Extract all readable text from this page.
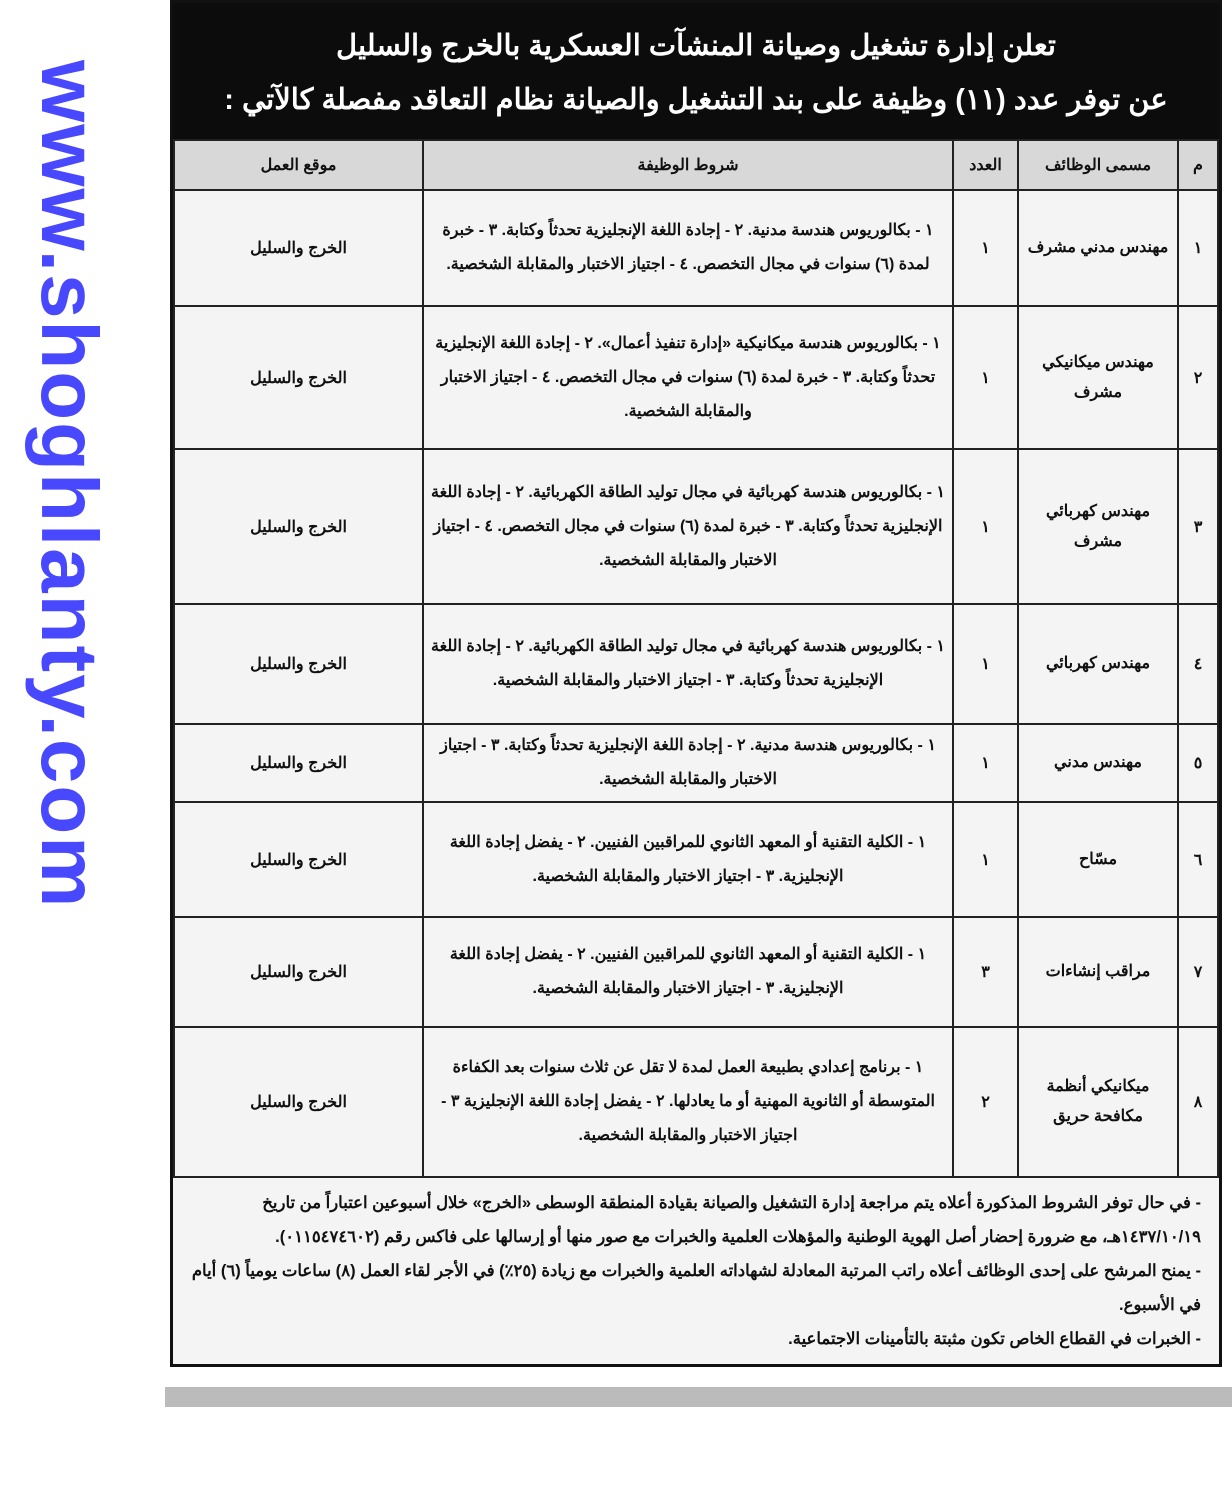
www.shoghlanty.com
تعلن إدارة تشغيل وصيانة المنشآت العسكرية بالخرج والسليل
عن توفر عدد (١١) وظيفة على بند التشغيل والصيانة نظام التعاقد مفصلة كالآتي :
م	مسمى الوظائف	العدد	شروط الوظيفة	موقع العمل
١	مهندس مدني مشرف	١	١ - بكالوريوس هندسة مدنية. ٢ - إجادة اللغة الإنجليزية تحدثاً وكتابة. ٣ - خبرة لمدة (٦) سنوات في مجال التخصص. ٤ - اجتياز الاختبار والمقابلة الشخصية.	الخرج والسليل
٢	مهندس ميكانيكي مشرف	١	١ - بكالوريوس هندسة ميكانيكية «إدارة تنفيذ أعمال». ٢ - إجادة اللغة الإنجليزية تحدثاً وكتابة. ٣ - خبرة لمدة (٦) سنوات في مجال التخصص. ٤ - اجتياز الاختبار والمقابلة الشخصية.	الخرج والسليل
٣	مهندس كهربائي مشرف	١	١ - بكالوريوس هندسة كهربائية في مجال توليد الطاقة الكهربائية. ٢ - إجادة اللغة الإنجليزية تحدثاً وكتابة. ٣ - خبرة لمدة (٦) سنوات في مجال التخصص. ٤ - اجتياز الاختبار والمقابلة الشخصية.	الخرج والسليل
٤	مهندس كهربائي	١	١ - بكالوريوس هندسة كهربائية في مجال توليد الطاقة الكهربائية. ٢ - إجادة اللغة الإنجليزية تحدثاً وكتابة. ٣ - اجتياز الاختبار والمقابلة الشخصية.	الخرج والسليل
٥	مهندس مدني	١	١ - بكالوريوس هندسة مدنية. ٢ - إجادة اللغة الإنجليزية تحدثاً وكتابة. ٣ - اجتياز الاختبار والمقابلة الشخصية.	الخرج والسليل
٦	مسّاح	١	١ - الكلية التقنية أو المعهد الثانوي للمراقبين الفنيين. ٢ - يفضل إجادة اللغة الإنجليزية. ٣ - اجتياز الاختبار والمقابلة الشخصية.	الخرج والسليل
٧	مراقب إنشاءات	٣	١ - الكلية التقنية أو المعهد الثانوي للمراقبين الفنيين. ٢ - يفضل إجادة اللغة الإنجليزية. ٣ - اجتياز الاختبار والمقابلة الشخصية.	الخرج والسليل
٨	ميكانيكي أنظمة مكافحة حريق	٢	١ - برنامج إعدادي بطبيعة العمل لمدة لا تقل عن ثلاث سنوات بعد الكفاءة المتوسطة أو الثانوية المهنية أو ما يعادلها. ٢ - يفضل إجادة اللغة الإنجليزية ٣ - اجتياز الاختبار والمقابلة الشخصية.	الخرج والسليل
- في حال توفر الشروط المذكورة أعلاه يتم مراجعة إدارة التشغيل والصيانة بقيادة المنطقة الوسطى «الخرج» خلال أسبوعين اعتباراً من تاريخ ١٤٣٧/١٠/١٩هـ، مع ضرورة إحضار أصل الهوية الوطنية والمؤهلات العلمية والخبرات مع صور منها أو إرسالها على فاكس رقم (٠١١٥٤٧٤٦٠٢).
- يمنح المرشح على إحدى الوظائف أعلاه راتب المرتبة المعادلة لشهاداته العلمية والخبرات مع زيادة (٢٥٪) في الأجر لقاء العمل (٨) ساعات يومياً (٦) أيام في الأسبوع.
- الخبرات في القطاع الخاص تكون مثبتة بالتأمينات الاجتماعية.
